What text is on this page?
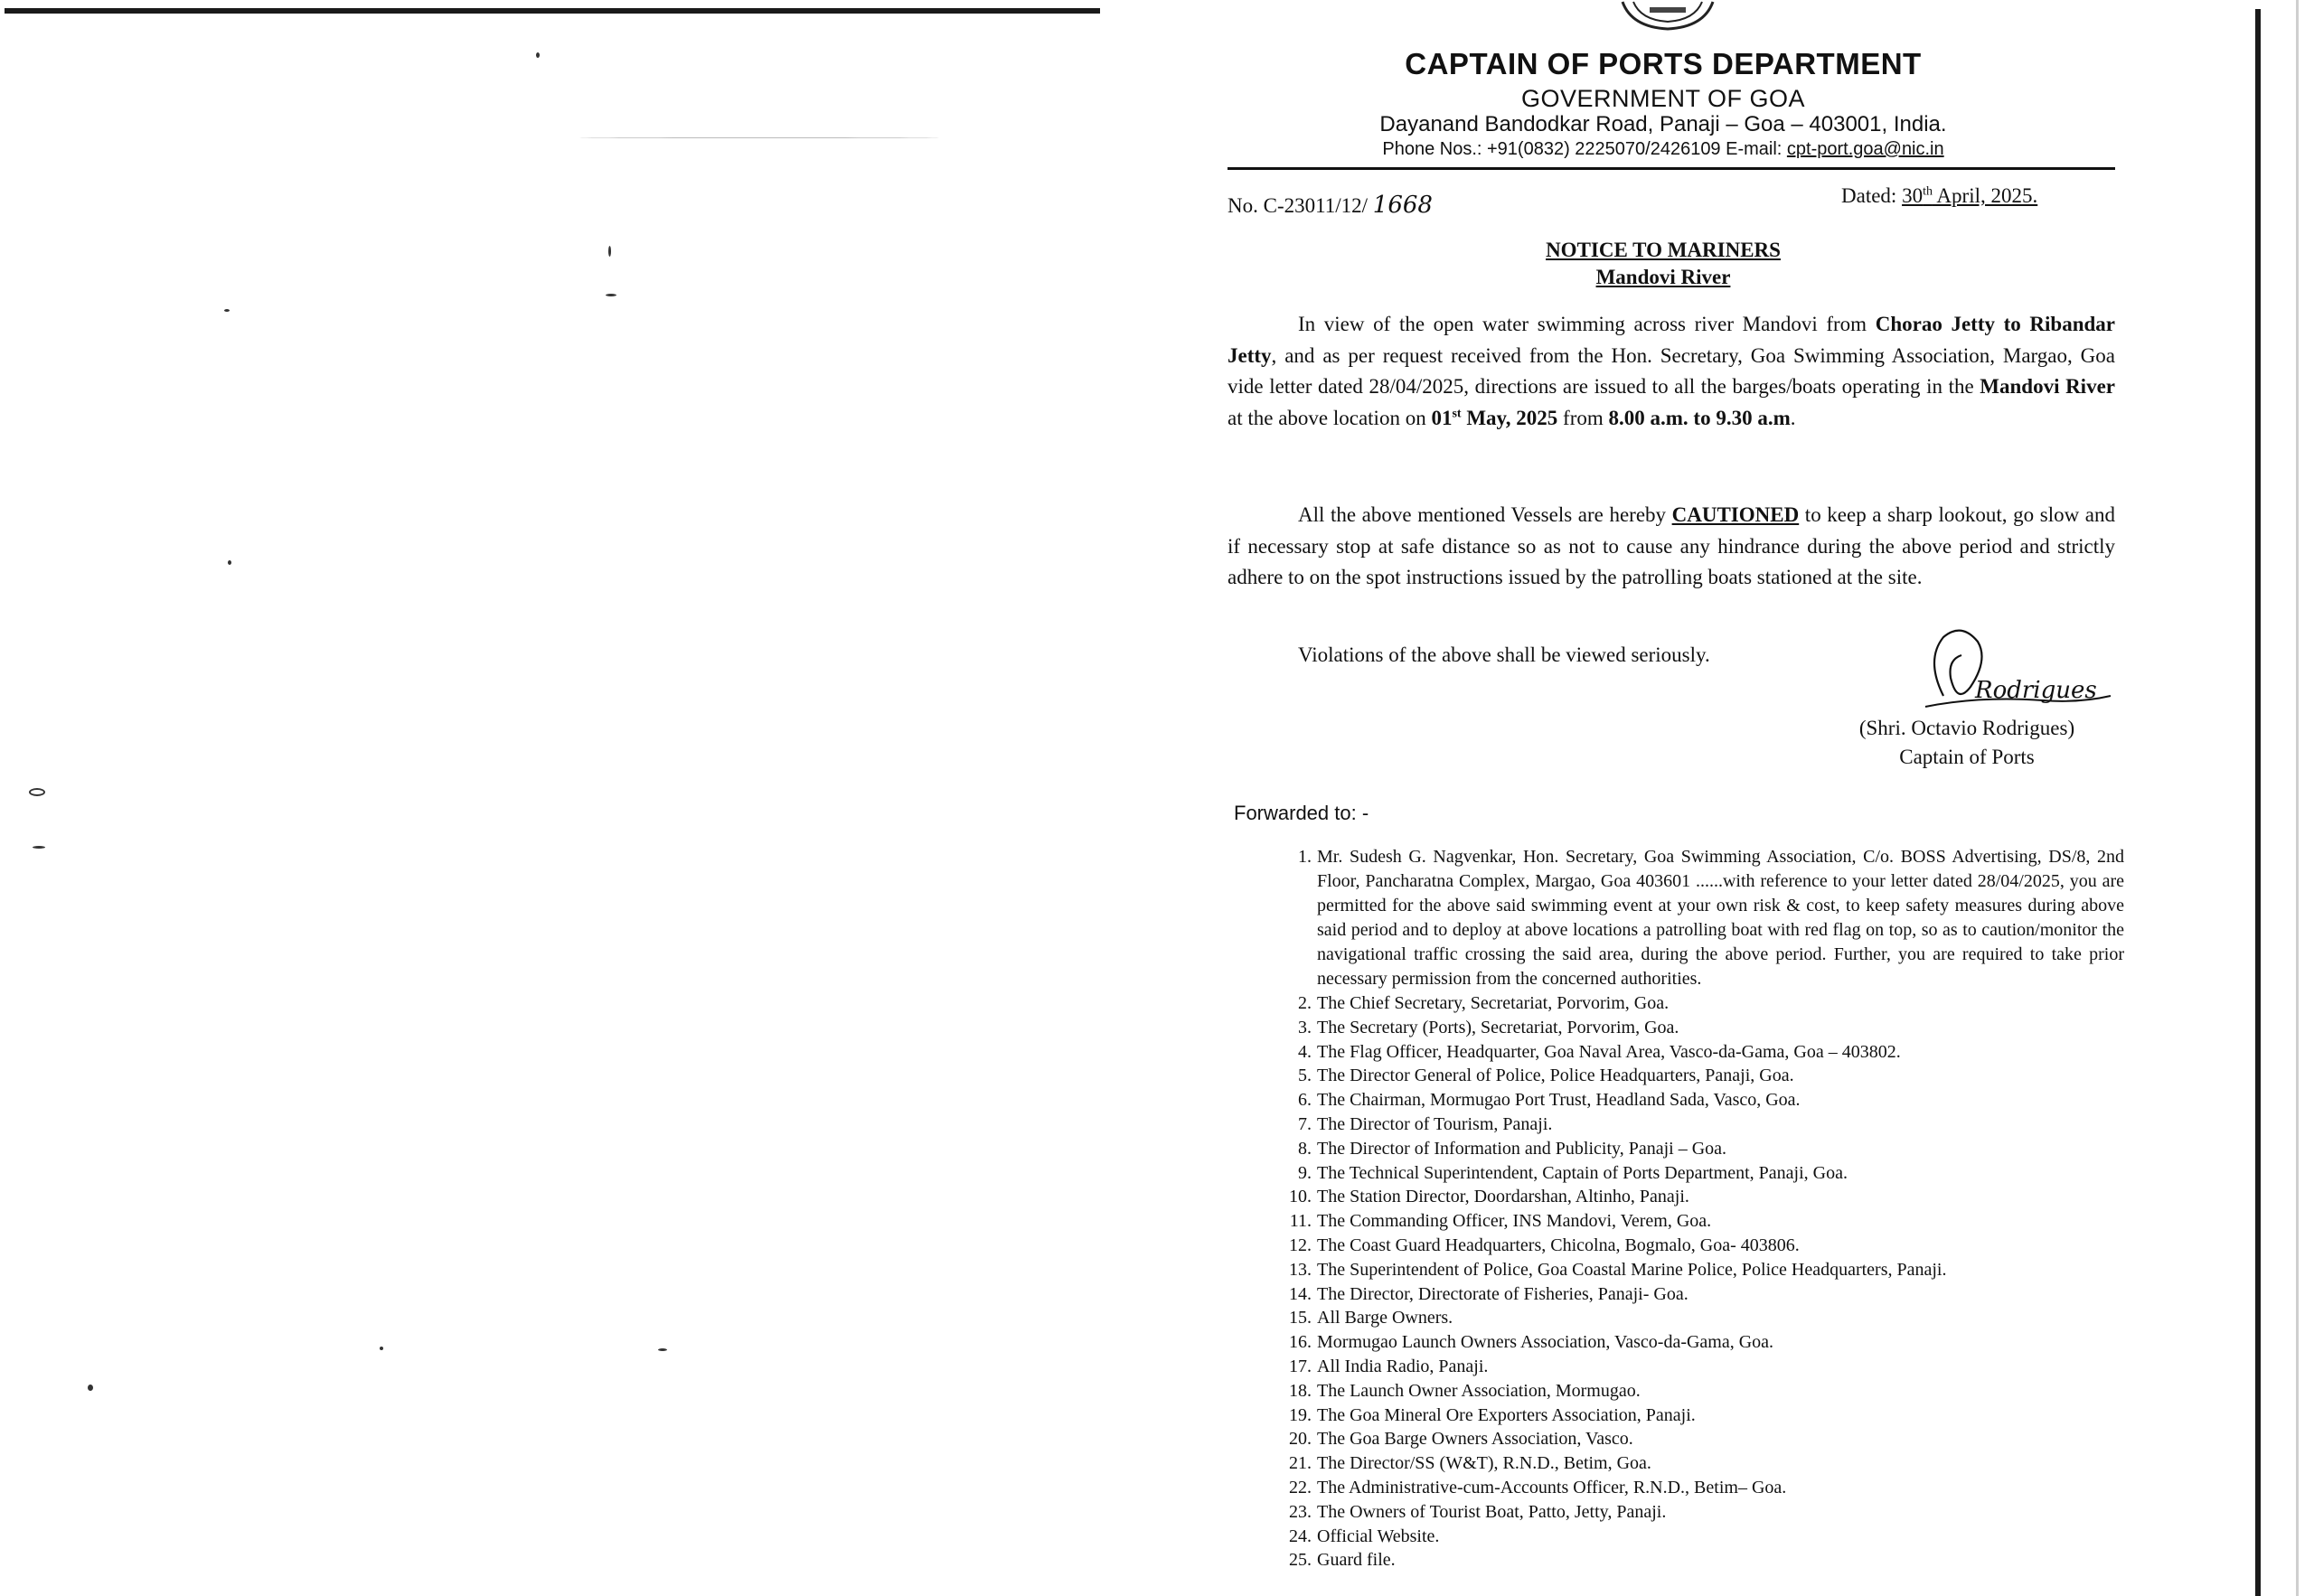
CAPTAIN OF PORTS DEPARTMENT
GOVERNMENT OF GOA
Dayanand Bandodkar Road, Panaji – Goa – 403001, India.
Phone Nos.: +91(0832) 2225070/2426109 E-mail: cpt-port.goa@nic.in
No. C-23011/12/ 1668	Dated: 30th April, 2025.
NOTICE TO MARINERS
Mandovi River

In view of the open water swimming across river Mandovi from Chorao Jetty to Ribandar Jetty, and as per request received from the Hon. Secretary, Goa Swimming Association, Margao, Goa vide letter dated 28/04/2025, directions are issued to all the barges/boats operating in the Mandovi River at the above location on 01st May, 2025 from 8.00 a.m. to 9.30 a.m.

All the above mentioned Vessels are hereby CAUTIONED to keep a sharp lookout, go slow and if necessary stop at safe distance so as not to cause any hindrance during the above period and strictly adhere to on the spot instructions issued by the patrolling boats stationed at the site.

Violations of the above shall be viewed seriously.

Rodrigues
(Shri. Octavio Rodrigues)
Captain of Ports
Forwarded to: -
1. Mr. Sudesh G. Nagvenkar, Hon. Secretary, Goa Swimming Association, C/o. BOSS Advertising, DS/8, 2nd Floor, Pancharatna Complex, Margao, Goa 403601 ......with reference to your letter dated 28/04/2025, you are permitted for the above said swimming event at your own risk & cost, to keep safety measures during above said period and to deploy at above locations a patrolling boat with red flag on top, so as to caution/monitor the navigational traffic crossing the said area, during the above period. Further, you are required to take prior necessary permission from the concerned authorities.
2. The Chief Secretary, Secretariat, Porvorim, Goa.
3. The Secretary (Ports), Secretariat, Porvorim, Goa.
4. The Flag Officer, Headquarter, Goa Naval Area, Vasco-da-Gama, Goa – 403802.
5. The Director General of Police, Police Headquarters, Panaji, Goa.
6. The Chairman, Mormugao Port Trust, Headland Sada, Vasco, Goa.
7. The Director of Tourism, Panaji.
8. The Director of Information and Publicity, Panaji – Goa.
9. The Technical Superintendent, Captain of Ports Department, Panaji, Goa.
10. The Station Director, Doordarshan, Altinho, Panaji.
11. The Commanding Officer, INS Mandovi, Verem, Goa.
12. The Coast Guard Headquarters, Chicolna, Bogmalo, Goa- 403806.
13. The Superintendent of Police, Goa Coastal Marine Police, Police Headquarters, Panaji.
14. The Director, Directorate of Fisheries, Panaji- Goa.
15. All Barge Owners.
16. Mormugao Launch Owners Association, Vasco-da-Gama, Goa.
17. All India Radio, Panaji.
18. The Launch Owner Association, Mormugao.
19. The Goa Mineral Ore Exporters Association, Panaji.
20. The Goa Barge Owners Association, Vasco.
21. The Director/SS (W&T), R.N.D., Betim, Goa.
22. The Administrative-cum-Accounts Officer, R.N.D., Betim– Goa.
23. The Owners of Tourist Boat, Patto, Jetty, Panaji.
24. Official Website.
25. Guard file.
